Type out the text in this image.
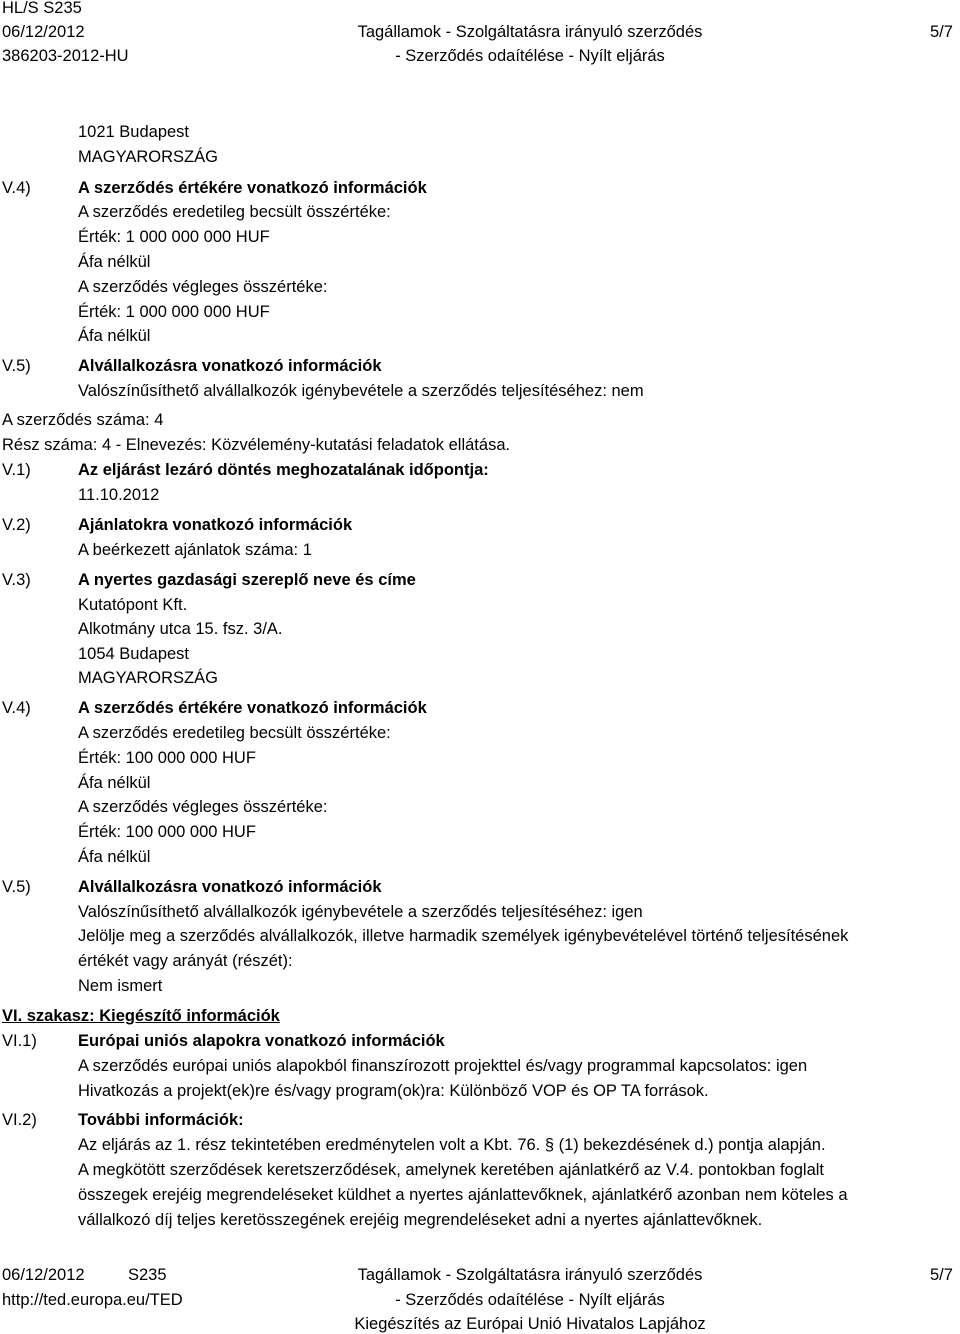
HL/S S235
06/12/2012
386203-2012-HU
Tagállamok - Szolgáltatásra irányuló szerződés
- Szerződés odaítélése - Nyílt eljárás
5/7
1021 Budapest
MAGYARORSZÁG
V.4)	A szerződés értékére vonatkozó információk
A szerződés eredetileg becsült összértéke:
Érték: 1 000 000 000 HUF
Áfa nélkül
A szerződés végleges összértéke:
Érték: 1 000 000 000 HUF
Áfa nélkül
V.5)	Alvállalkozásra vonatkozó információk
Valószínűsíthető alvállalkozók igénybevétele a szerződés teljesítéséhez: nem
A szerződés száma: 4
Rész száma: 4 - Elnevezés: Közvélemény-kutatási feladatok ellátása.
V.1)	Az eljárást lezáró döntés meghozatalának időpontja:
11.10.2012
V.2)	Ajánlatokra vonatkozó információk
A beérkezett ajánlatok száma: 1
V.3)	A nyertes gazdasági szereplő neve és címe
Kutatópont Kft.
Alkotmány utca 15. fsz. 3/A.
1054 Budapest
MAGYARORSZÁG
V.4)	A szerződés értékére vonatkozó információk
A szerződés eredetileg becsült összértéke:
Érték: 100 000 000 HUF
Áfa nélkül
A szerződés végleges összértéke:
Érték: 100 000 000 HUF
Áfa nélkül
V.5)	Alvállalkozásra vonatkozó információk
Valószínűsíthető alvállalkozók igénybevétele a szerződés teljesítéséhez: igen
Jelölje meg a szerződés alvállalkozók, illetve harmadik személyek igénybevételével történő teljesítésének
értékét vagy arányát (részét):
Nem ismert
VI. szakasz: Kiegészítő információk
VI.1) Európai uniós alapokra vonatkozó információk
A szerződés európai uniós alapokból finanszírozott projekttel és/vagy programmal kapcsolatos: igen
Hivatkozás a projekt(ek)re és/vagy program(ok)ra: Különböző VOP és OP TA források.
VI.2) További információk:
Az eljárás az 1. rész tekintetében eredménytelen volt a Kbt. 76. § (1) bekezdésének d.) pontja alapján.
A megkötött szerződések keretszerződések, amelynek keretében ajánlatkérő az V.4. pontokban foglalt
összegek erejéig megrendeléseket küldhet a nyertes ajánlattevőknek, ajánlatkérő azonban nem köteles a
vállalkozó díj teljes keretösszegének erejéig megrendeléseket adni a nyertes ajánlattevőknek.
06/12/2012	S235
http://ted.europa.eu/TED
Tagállamok - Szolgáltatásra irányuló szerződés
- Szerződés odaítélése - Nyílt eljárás
Kiegészítés az Európai Unió Hivatalos Lapjához
5/7
